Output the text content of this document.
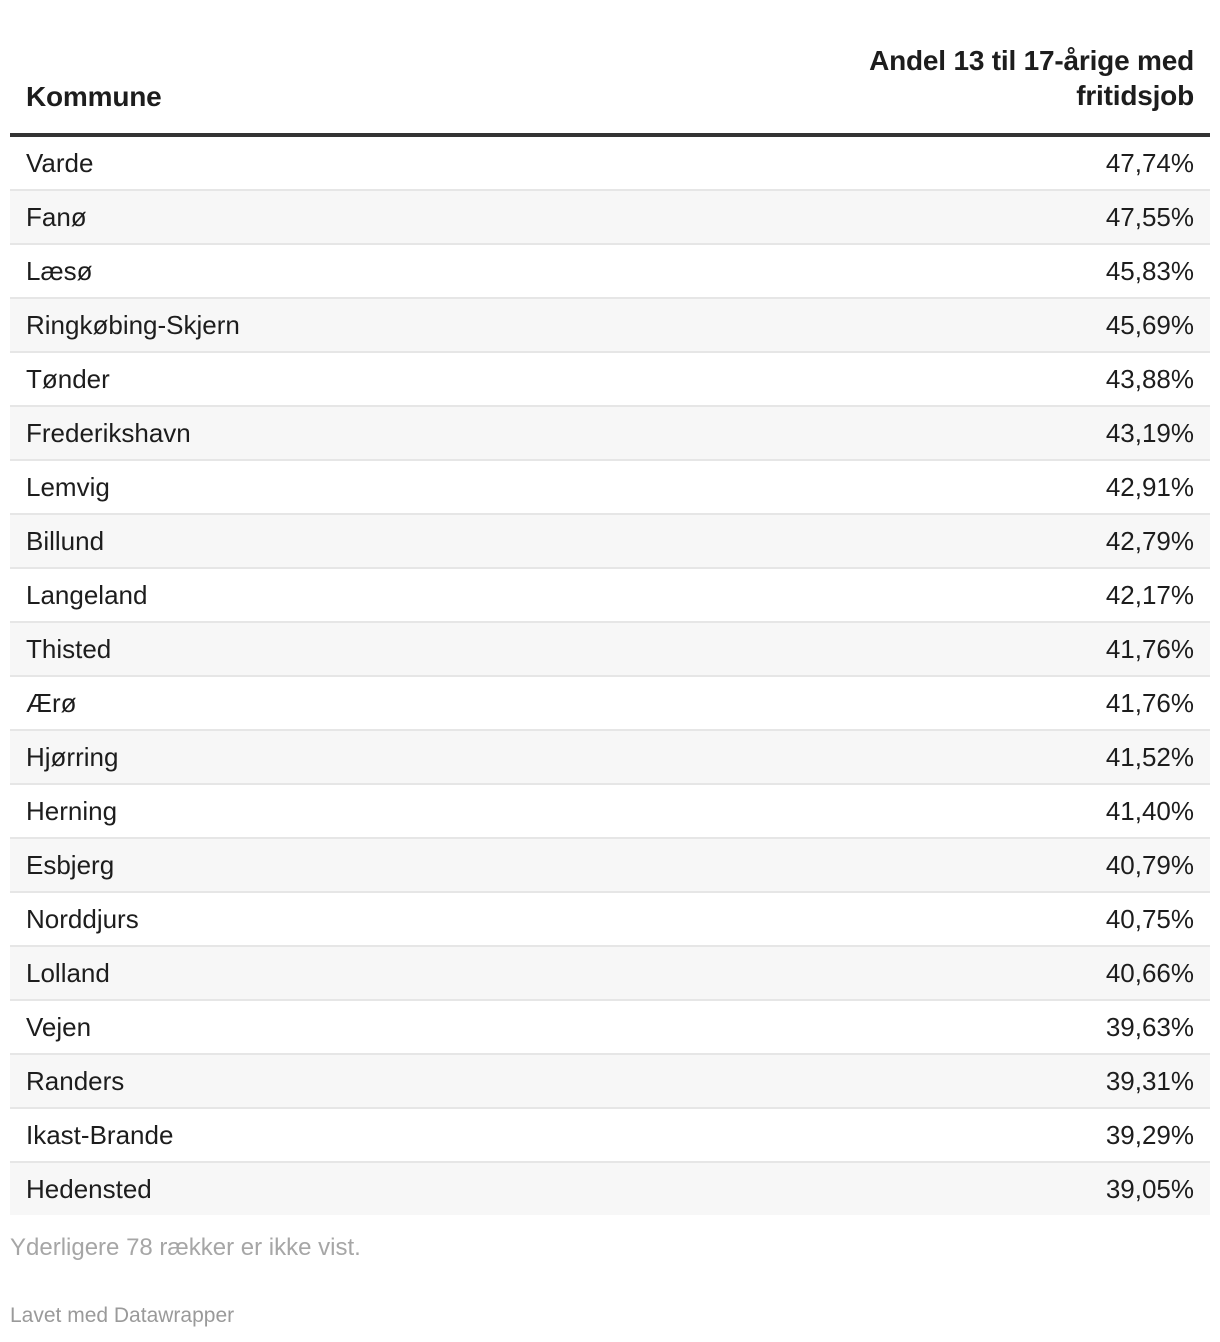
Kommune
Andel 13 til 17-årige med
fritidsjob
Varde	47,74%
Fanø	47,55%
Læsø	45,83%
Ringkøbing-Skjern	45,69%
Tønder	43,88%
Frederikshavn	43,19%
Lemvig	42,91%
Billund	42,79%
Langeland	42,17%
Thisted	41,76%
Ærø	41,76%
Hjørring	41,52%
Herning	41,40%
Esbjerg	40,79%
Norddjurs	40,75%
Lolland	40,66%
Vejen	39,63%
Randers	39,31%
Ikast-Brande	39,29%
Hedensted	39,05%
Yderligere 78 rækker er ikke vist.
Lavet med Datawrapper
